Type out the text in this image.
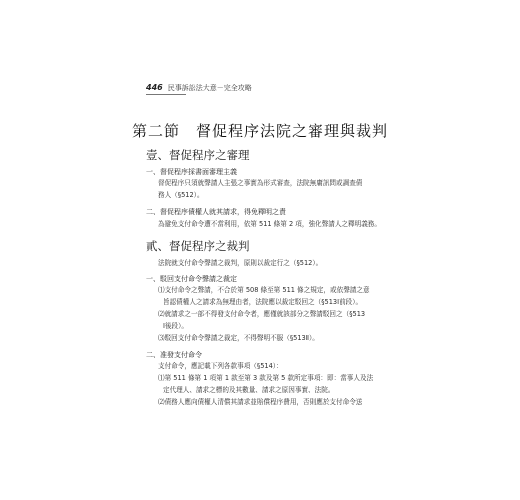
446 民事訴訟法大意－完全攻略
第二節　督促程序法院之審理與裁判
壹、督促程序之審理
一、督促程序採書面審理主義
督促程序只須就聲請人主張之事實為形式審查，法院無庸訊問或調查債
務人（§512）。
二、督促程序債權人就其請求，得免釋明之責
為避免支付命令遭不當利用，依第 511 條第 2 項，強化聲請人之釋明義務。
貳、督促程序之裁判
法院就支付命令聲請之裁判，原則以裁定行之（§512）。
一、駁回支付命令聲請之裁定
⑴支付命令之聲請，不合於第 508 條至第 511 條之規定，或依聲請之意
旨認債權人之請求為無理由者，法院應以裁定駁回之（§513Ⅰ前段）。
⑵就請求之一部不得發支付命令者，應僅就該部分之聲請駁回之（§513
Ⅰ後段）。
⑶駁回支付命令聲請之裁定，不得聲明不服（§513Ⅱ）。
二、准發支付命令
支付命令，應記載下列各款事項（§514）：
⑴第 511 條第 1 項第 1 款至第 3 款及第 5 款所定事項：即：當事人及法
定代理人、請求之標的及其數量、請求之原因事實、法院。
⑵債務人應向債權人清償其請求並賠償程序費用，否則應於支付命令送
